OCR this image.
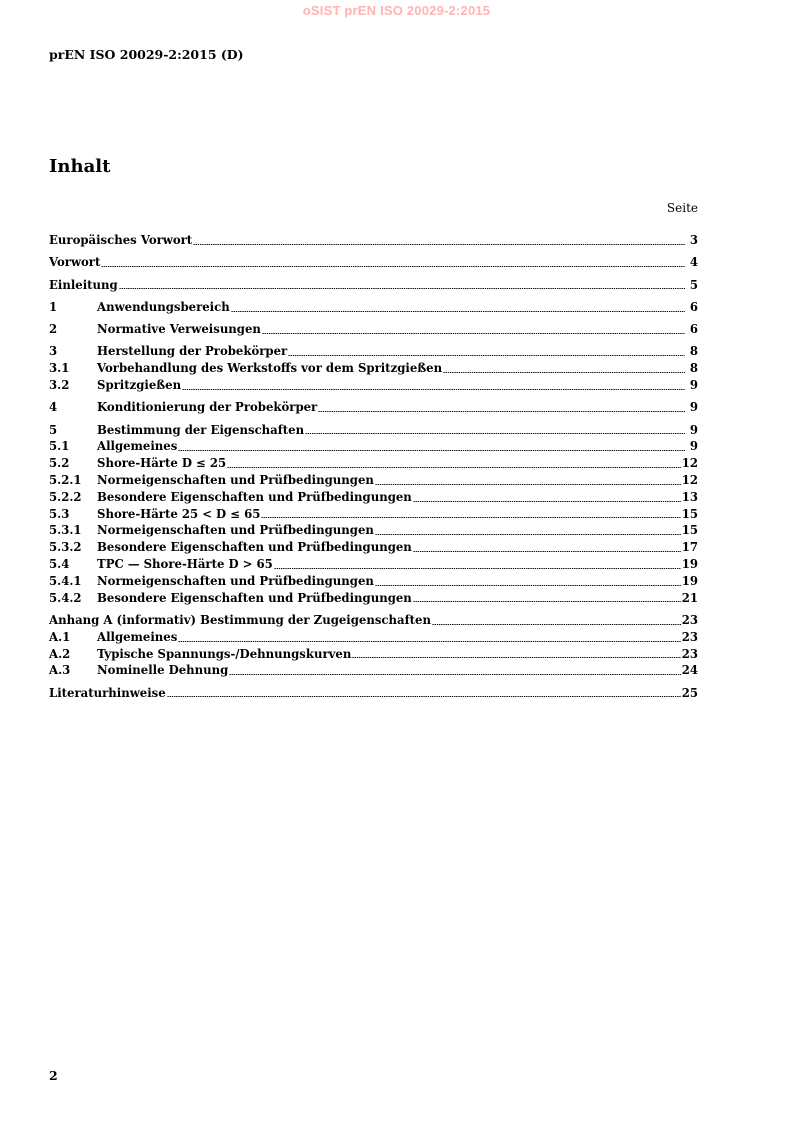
oSIST prEN ISO 20029-2:2015
prEN ISO 20029-2:2015 (D)
Inhalt
Seite
Europäisches Vorwort	3
Vorwort	4
Einleitung	5
1	Anwendungsbereich	6
2	Normative Verweisungen	6
3	Herstellung der Probekörper	8
3.1	Vorbehandlung des Werkstoffs vor dem Spritzgießen	8
3.2	Spritzgießen	9
4	Konditionierung der Probekörper	9
5	Bestimmung der Eigenschaften	9
5.1	Allgemeines	9
5.2	Shore-Härte D ≤ 25	12
5.2.1	Normeigenschaften und Prüfbedingungen	12
5.2.2	Besondere Eigenschaften und Prüfbedingungen	13
5.3	Shore-Härte 25 < D ≤ 65	15
5.3.1	Normeigenschaften und Prüfbedingungen	15
5.3.2	Besondere Eigenschaften und Prüfbedingungen	17
5.4	TPC — Shore-Härte D > 65	19
5.4.1	Normeigenschaften und Prüfbedingungen	19
5.4.2	Besondere Eigenschaften und Prüfbedingungen	21
Anhang A (informativ) Bestimmung der Zugeigenschaften	23
A.1	Allgemeines	23
A.2	Typische Spannungs-/Dehnungskurven	23
A.3	Nominelle Dehnung	24
Literaturhinweise	25
2
